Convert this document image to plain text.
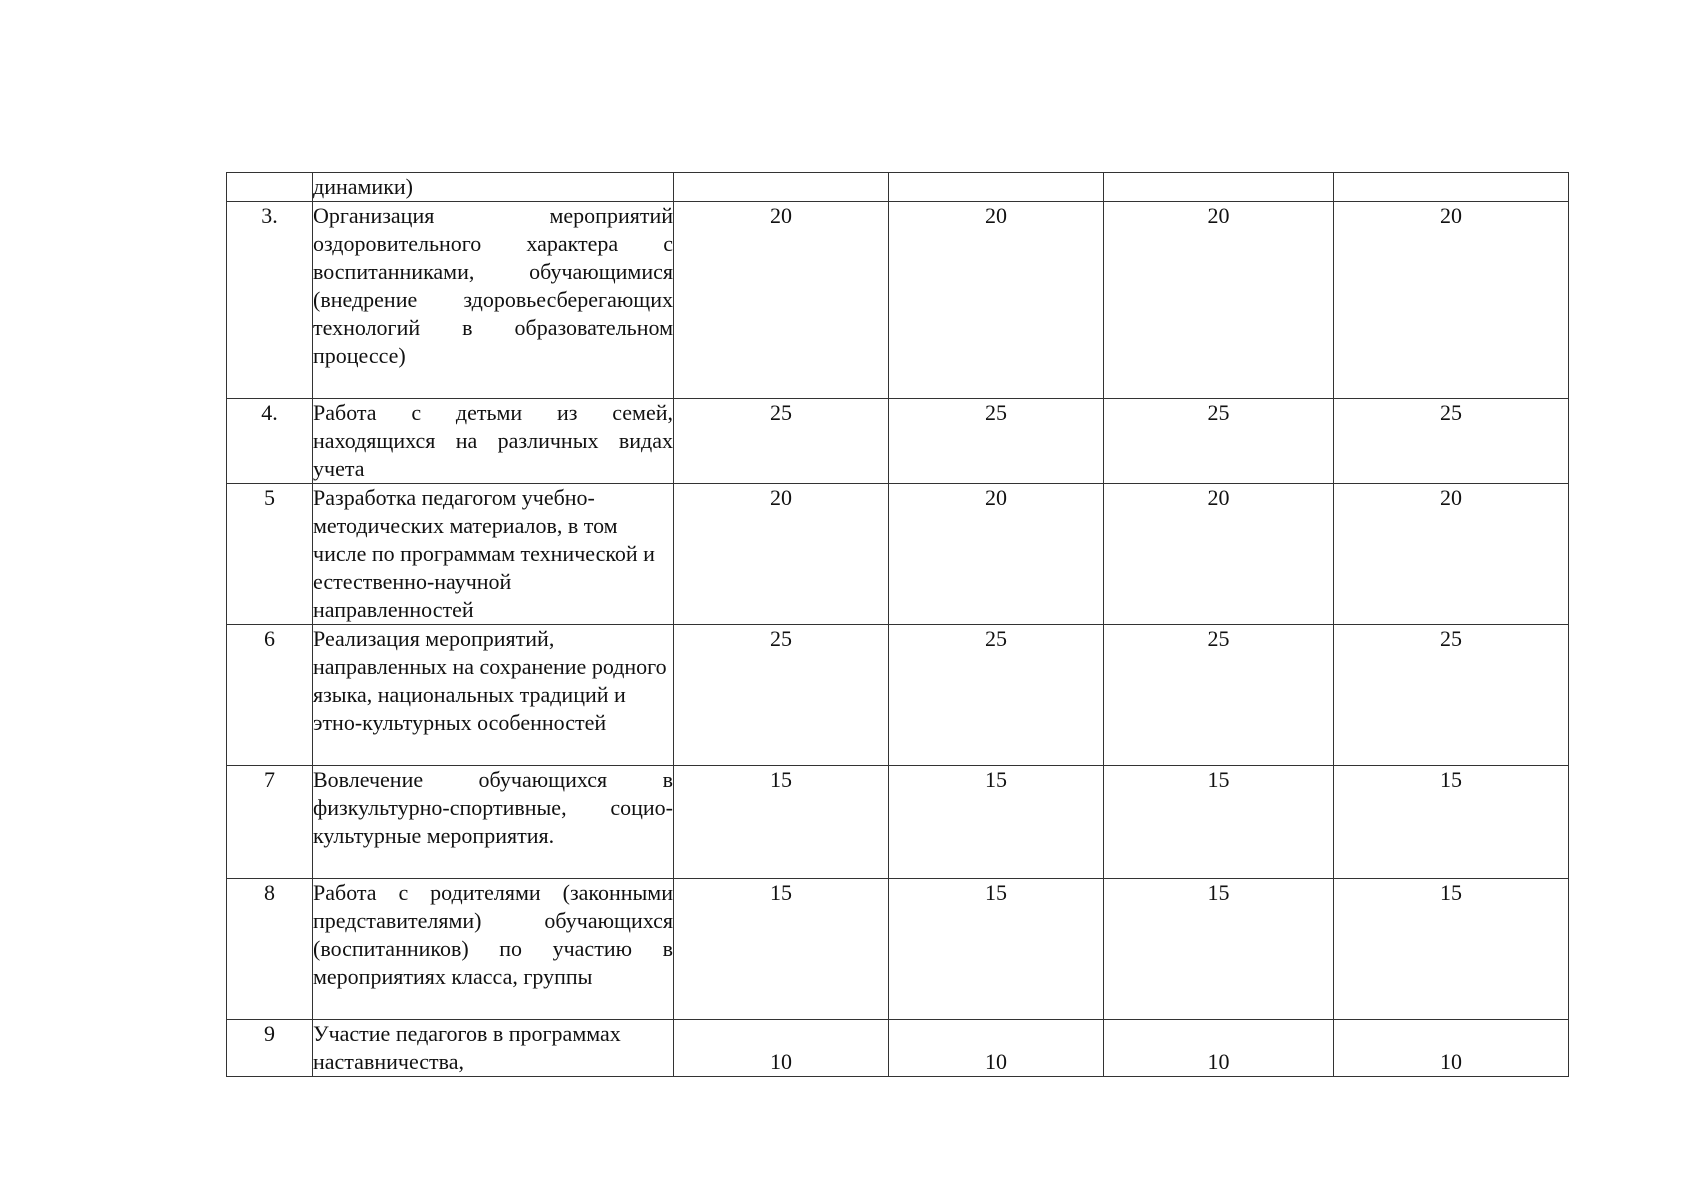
	динамики)				
3.	Организация мероприятий оздоровительного характера с воспитанниками, обучающимися (внедрение здоровьесберегающих технологий в образовательном процессе)	20	20	20	20
4.	Работа с детьми из семей, находящихся на различных видах учета	25	25	25	25
5	Разработка педагогом учебно-методических материалов, в том числе по программам технической и естественно-научной направленностей	20	20	20	20
6	Реализация мероприятий, направленных на сохранение родного языка, национальных традиций и этно-культурных особенностей	25	25	25	25
7	Вовлечение обучающихся в физкультурно-спортивные, социо-культурные мероприятия.	15	15	15	15
8	Работа с родителями (законными представителями) обучающихся (воспитанников) по участию в мероприятиях класса, группы	15	15	15	15
9	Участие педагогов в программах наставничества,	10	10	10	10
